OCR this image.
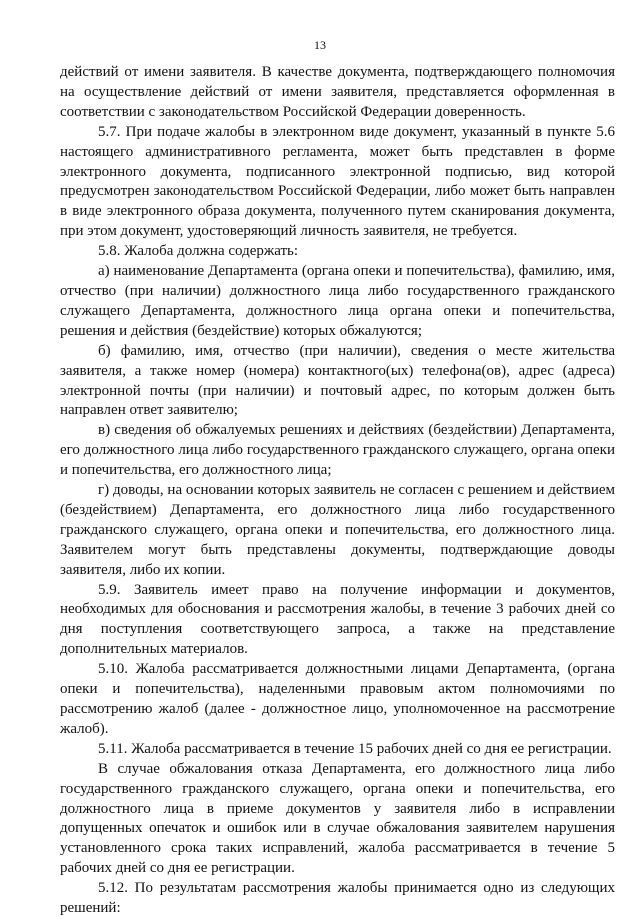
13

действий от имени заявителя. В качестве документа, подтверждающего полномочия на осуществление действий от имени заявителя, представляется оформленная в соответствии с законодательством Российской Федерации доверенность.

5.7. При подаче жалобы в электронном виде документ, указанный в пункте 5.6 настоящего административного регламента, может быть представлен в форме электронного документа, подписанного электронной подписью, вид которой предусмотрен законодательством Российской Федерации, либо может быть направлен в виде электронного образа документа, полученного путем сканирования документа, при этом документ, удостоверяющий личность заявителя, не требуется.

5.8. Жалоба должна содержать:

а) наименование Департамента (органа опеки и попечительства), фамилию, имя, отчество (при наличии) должностного лица либо государственного гражданского служащего Департамента, должностного лица органа опеки и попечительства, решения и действия (бездействие) которых обжалуются;

б) фамилию, имя, отчество (при наличии), сведения о месте жительства заявителя, а также номер (номера) контактного(ых) телефона(ов), адрес (адреса) электронной почты (при наличии) и почтовый адрес, по которым должен быть направлен ответ заявителю;

в) сведения об обжалуемых решениях и действиях (бездействии) Департамента, его должностного лица либо государственного гражданского служащего, органа опеки и попечительства, его должностного лица;

г) доводы, на основании которых заявитель не согласен с решением и действием (бездействием) Департамента, его должностного лица либо государственного гражданского служащего, органа опеки и попечительства, его должностного лица. Заявителем могут быть представлены документы, подтверждающие доводы заявителя, либо их копии.

5.9. Заявитель имеет право на получение информации и документов, необходимых для обоснования и рассмотрения жалобы, в течение 3 рабочих дней со дня поступления соответствующего запроса, а также на представление дополнительных материалов.

5.10. Жалоба рассматривается должностными лицами Департамента, (органа опеки и попечительства), наделенными правовым актом полномочиями по рассмотрению жалоб (далее - должностное лицо, уполномоченное на рассмотрение жалоб).

5.11. Жалоба рассматривается в течение 15 рабочих дней со дня ее регистрации.

В случае обжалования отказа Департамента, его должностного лица либо государственного гражданского служащего, органа опеки и попечительства, его должностного лица в приеме документов у заявителя либо в исправлении допущенных опечаток и ошибок или в случае обжалования заявителем нарушения установленного срока таких исправлений, жалоба рассматривается в течение 5 рабочих дней со дня ее регистрации.

5.12. По результатам рассмотрения жалобы принимается одно из следующих решений:
